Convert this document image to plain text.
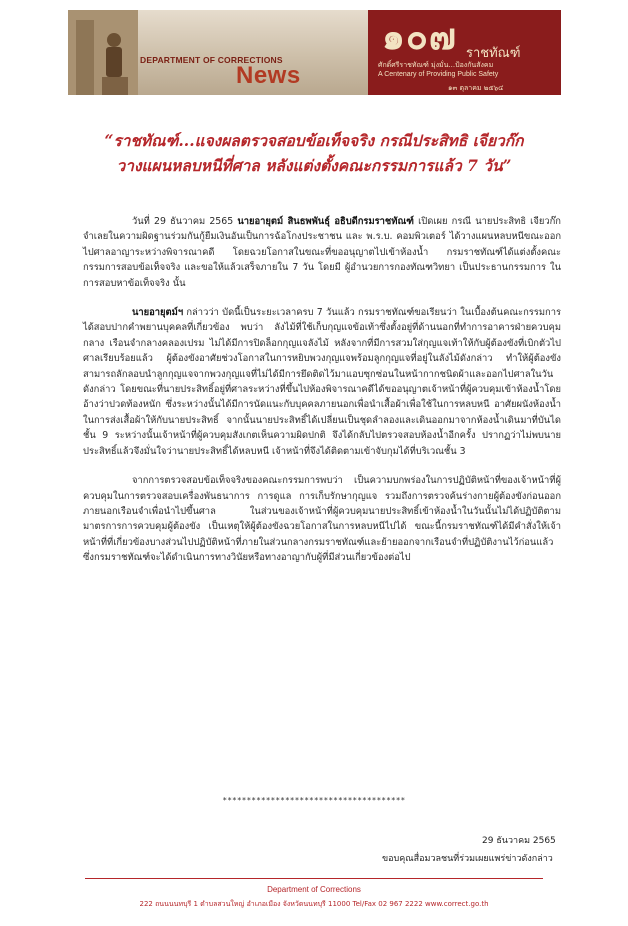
DEPARTMENT OF CORRECTIONS
News
๑๐๗ ราชทัณฑ์
ศักดิ์ศรีราชทัณฑ์ มุ่งมั่น...ป้องกันสังคม
A Centenary of Providing Public Safety
๑๓ ตุลาคม ๒๕๖๔
“ราชทัณฑ์...แจงผลตรวจสอบข้อเท็จจริง กรณีประสิทธิ เจียวก๊ก
วางแผนหลบหนีที่ศาล หลังแต่งตั้งคณะกรรมการแล้ว 7 วัน”

วันที่ 29 ธันวาคม 2565 นายอายุตม์ สินธพพันธุ์ อธิบดีกรมราชทัณฑ์ เปิดเผย กรณี นายประสิทธิ เจียวก๊ก จำเลยในความผิดฐานร่วมกันกู้ยืมเงินอันเป็นการฉ้อโกงประชาชน และ พ.ร.บ. คอมพิวเตอร์ ได้วางแผนหลบหนีขณะออกไปศาลอาญาระหว่างพิจารณาคดี โดยฉวยโอกาสในขณะที่ขออนุญาตไปเข้าห้องน้ำ กรมราชทัณฑ์ได้แต่งตั้งคณะกรรมการสอบข้อเท็จจริง และขอให้แล้วเสร็จภายใน 7 วัน โดยมี ผู้อำนวยการกองทัณฑวิทยา เป็นประธานกรรมการ ในการสอบหาข้อเท็จจริง นั้น

นายอายุตม์ฯ กล่าวว่า บัดนี้เป็นระยะเวลาครบ 7 วันแล้ว กรมราชทัณฑ์ขอเรียนว่า ในเบื้องต้นคณะกรรมการได้สอบปากคำพยานบุคคลที่เกี่ยวข้อง พบว่า ลังไม้ที่ใช้เก็บกุญแจข้อเท้าซึ่งตั้งอยู่ที่ด้านนอกที่ทำการอาคารฝ่ายควบคุมกลาง เรือนจำกลางคลองเปรม ไม่ได้มีการปิดล็อกกุญแจลังไม้ หลังจากที่มีการสวมใส่กุญแจเท้าให้กับผู้ต้องขังที่เบิกตัวไปศาลเรียบร้อยแล้ว ผู้ต้องขังอาศัยช่วงโอกาสในการหยิบพวงกุญแจพร้อมลูกกุญแจที่อยู่ในลังไม้ดังกล่าว ทำให้ผู้ต้องขังสามารถลักลอบนำลูกกุญแจจากพวงกุญแจที่ไม่ได้มีการยึดติดไว้มาแอบซุกซ่อนในหน้ากากชนิดผ้าและออกไปศาลในวันดังกล่าว โดยขณะที่นายประสิทธิ์อยู่ที่ศาลระหว่างที่ขึ้นไปห้องพิจารณาคดีได้ขออนุญาตเจ้าหน้าที่ผู้ควบคุมเข้าห้องน้ำโดยอ้างว่าปวดท้องหนัก ซึ่งระหว่างนั้นได้มีการนัดแนะกับบุคคลภายนอกเพื่อนำเสื้อผ้าเพื่อใช้ในการหลบหนี อาศัยผนังห้องน้ำในการส่งเสื้อผ้าให้กับนายประสิทธิ์ จากนั้นนายประสิทธิ์ได้เปลี่ยนเป็นชุดลำลองและเดินออกมาจากห้องน้ำเดินมาที่บันไดชั้น 9 ระหว่างนั้นเจ้าหน้าที่ผู้ควบคุมสังเกตเห็นความผิดปกติ จึงได้กลับไปตรวจสอบห้องน้ำอีกครั้ง ปรากฏว่าไม่พบนายประสิทธิ์แล้วจึงมั่นใจว่านายประสิทธิ์ได้หลบหนี เจ้าหน้าที่จึงได้ติดตามเข้าจับกุมได้ที่บริเวณชั้น 3

จากการตรวจสอบข้อเท็จจริงของคณะกรรมการพบว่า เป็นความบกพร่องในการปฏิบัติหน้าที่ของเจ้าหน้าที่ผู้ควบคุมในการตรวจสอบเครื่องพันธนาการ การดูแล การเก็บรักษากุญแจ รวมถึงการตรวจค้นร่างกายผู้ต้องขังก่อนออกภายนอกเรือนจำเพื่อนำไปขึ้นศาล ในส่วนของเจ้าหน้าที่ผู้ควบคุมนายประสิทธิ์เข้าห้องน้ำในวันนั้นไม่ได้ปฏิบัติตามมาตรการการควบคุมผู้ต้องขัง เป็นเหตุให้ผู้ต้องขังฉวยโอกาสในการหลบหนีไปได้ ขณะนี้กรมราชทัณฑ์ได้มีคำสั่งให้เจ้าหน้าที่ที่เกี่ยวข้องบางส่วนไปปฏิบัติหน้าที่ภายในส่วนกลางกรมราชทัณฑ์และย้ายออกจากเรือนจำที่ปฏิบัติงานไว้ก่อนแล้ว ซึ่งกรมราชทัณฑ์จะได้ดำเนินการทางวินัยหรือทางอาญากับผู้ที่มีส่วนเกี่ยวข้องต่อไป

**************************************
29 ธันวาคม 2565
ขอบคุณสื่อมวลชนที่ร่วมเผยแพร่ข่าวดังกล่าว
Department of Corrections
222 ถนนนนทบุรี 1 ตำบลสวนใหญ่ อำเภอเมือง จังหวัดนนทบุรี 11000 Tel/Fax 02 967 2222 www.correct.go.th
